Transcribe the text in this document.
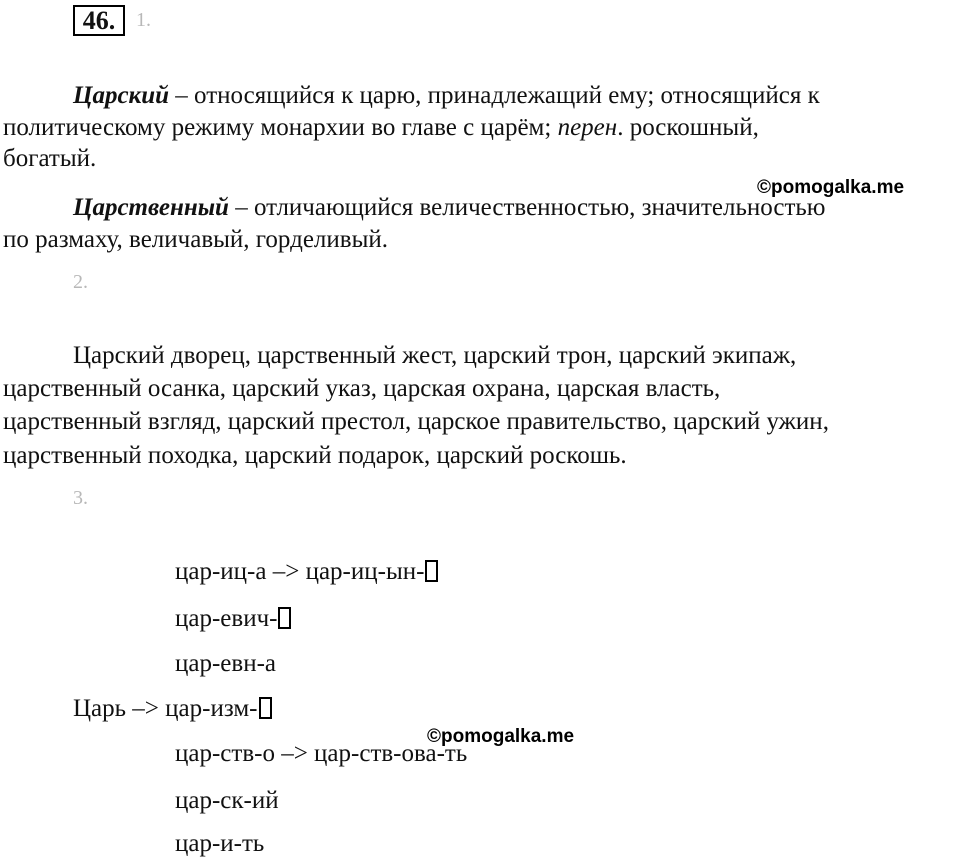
46.	1.
Царский – относящийся к царю, принадлежащий ему; относящийся к
политическому режиму монархии во главе с царём; перен. роскошный,
богатый.
©pomogalka.me
Царственный – отличающийся величественностью, значительностью
по размаху, величавый, горделивый.
2.
Царский дворец, царственный жест, царский трон, царский экипаж,
царственный осанка, царский указ, царская охрана, царская власть,
царственный взгляд, царский престол, царское правительство, царский ужин,
царственный походка, царский подарок, царский роскошь.
3.
цар-иц-а –> цар-иц-ын-
цар-евич-
цар-евн-а
Царь –> цар-изм-
©pomogalka.me
цар-ств-о –> цар-ств-ова-ть
цар-ск-ий
цар-и-ть
